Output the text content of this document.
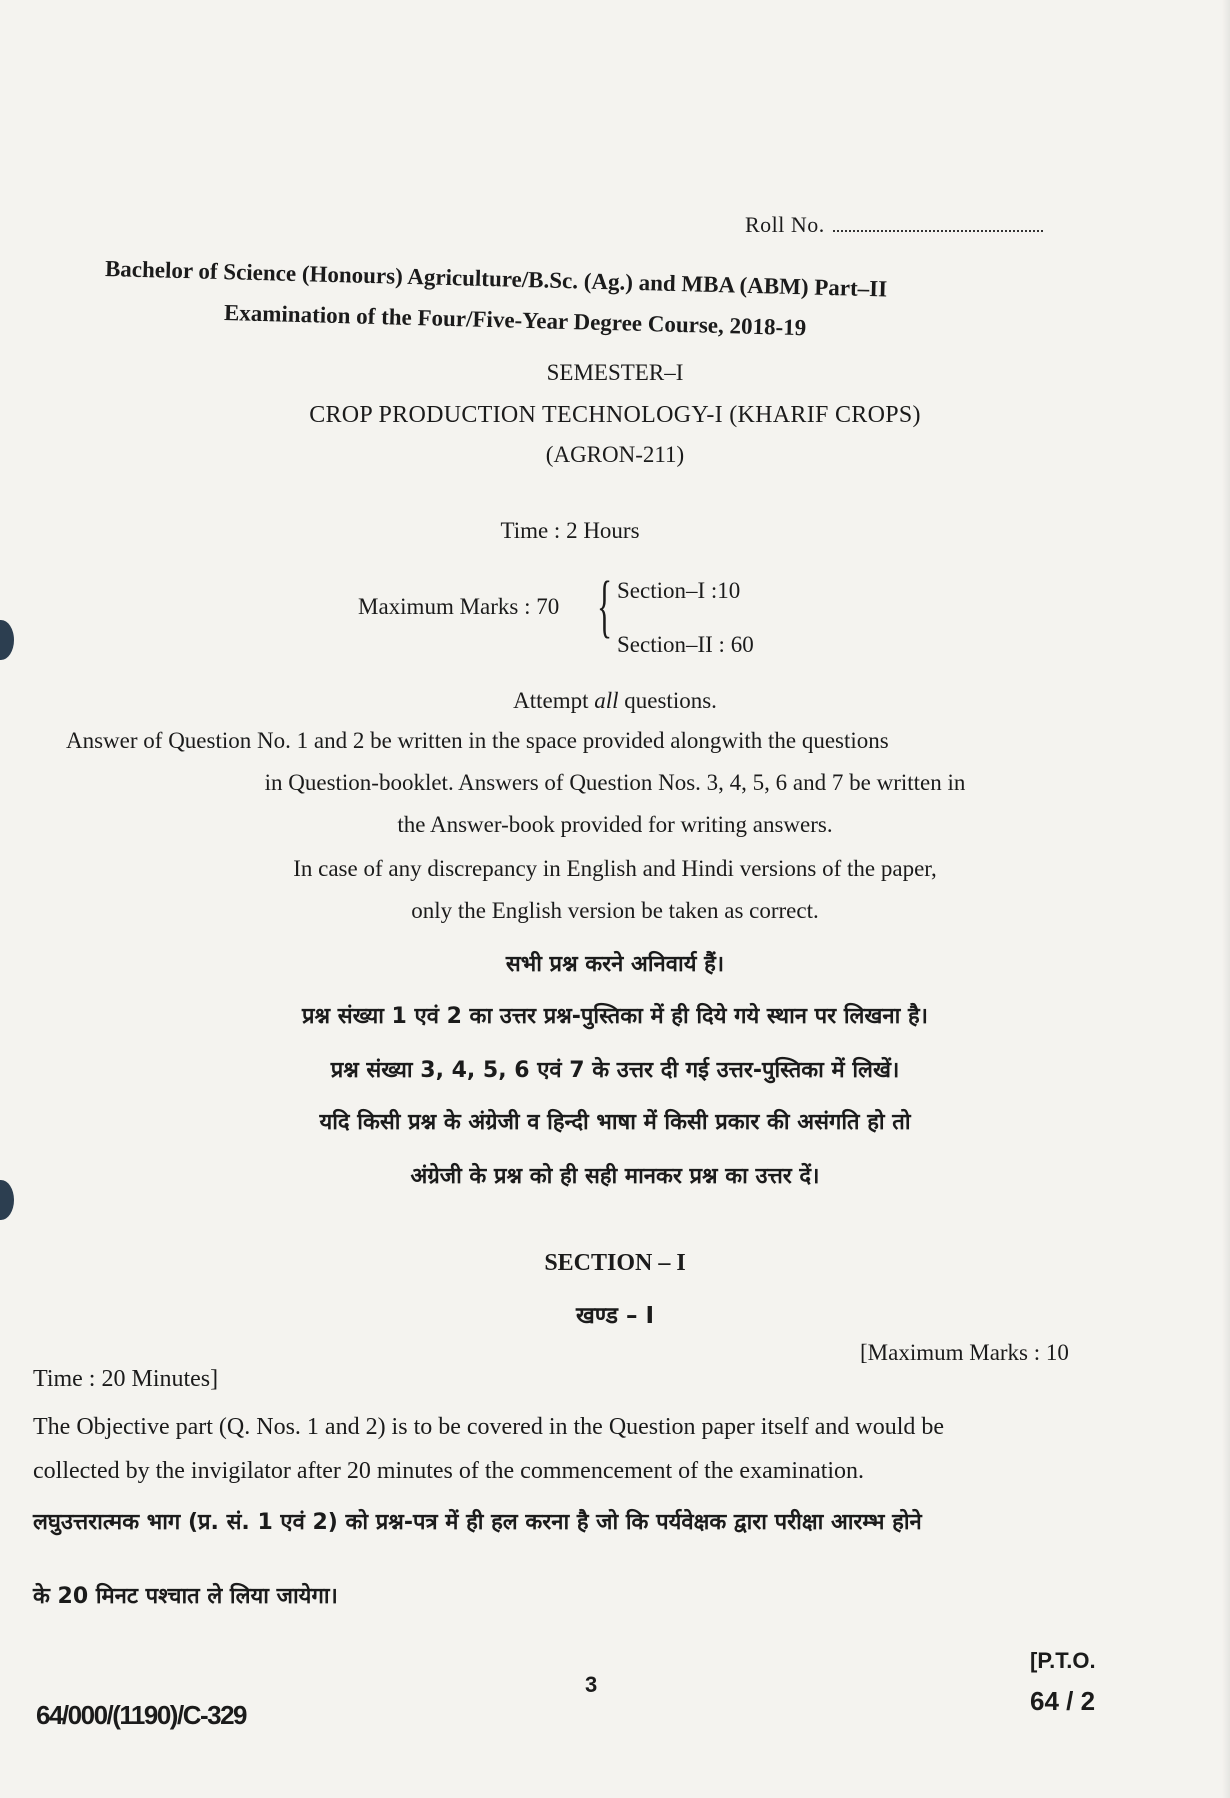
Roll No.
Bachelor of Science (Honours) Agriculture/B.Sc. (Ag.) and MBA (ABM) Part–II
Examination of the Four/Five-Year Degree Course, 2018-19
SEMESTER–I
CROP PRODUCTION TECHNOLOGY-I (KHARIF CROPS)
(AGRON-211)
Time : 2 Hours
Maximum Marks : 70 { Section–I :10
Section–II : 60
Attempt all questions.
Answer of Question No. 1 and 2 be written in the space provided alongwith the questions
in Question-booklet. Answers of Question Nos. 3, 4, 5, 6 and 7 be written in
the Answer-book provided for writing answers.
In case of any discrepancy in English and Hindi versions of the paper,
only the English version be taken as correct.
सभी प्रश्न करने अनिवार्य हैं।
प्रश्न संख्या 1 एवं 2 का उत्तर प्रश्न-पुस्तिका में ही दिये गये स्थान पर लिखना है।
प्रश्न संख्या 3, 4, 5, 6 एवं 7 के उत्तर दी गई उत्तर-पुस्तिका में लिखें।
यदि किसी प्रश्न के अंग्रेजी व हिन्दी भाषा में किसी प्रकार की असंगति हो तो
अंग्रेजी के प्रश्न को ही सही मानकर प्रश्न का उत्तर दें।
SECTION – I
खण्ड – I
[Maximum Marks : 10
Time : 20 Minutes]
The Objective part (Q. Nos. 1 and 2) is to be covered in the Question paper itself and would be
collected by the invigilator after 20 minutes of the commencement of the examination.
लघुउत्तरात्मक भाग (प्र. सं. 1 एवं 2) को प्रश्न-पत्र में ही हल करना है जो कि पर्यवेक्षक द्वारा परीक्षा आरम्भ होने
के 20 मिनट पश्चात ले लिया जायेगा।
3
[P.T.O.
64 / 2
64/000/(1190)/C-329
